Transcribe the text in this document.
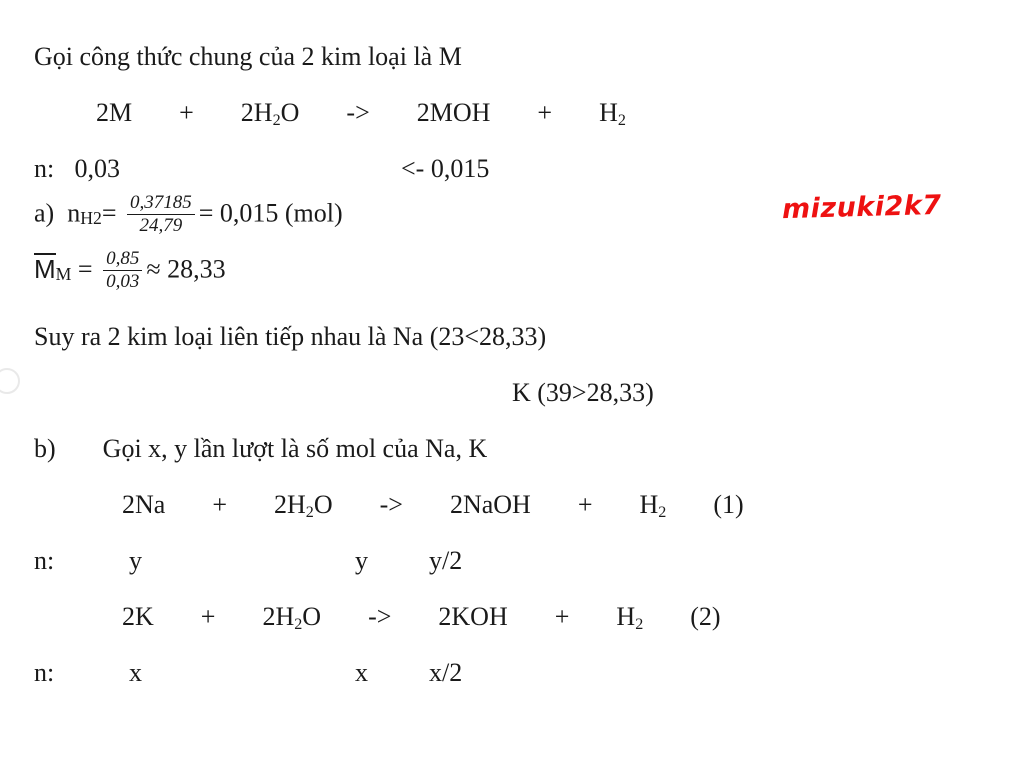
Gọi công thức chung của 2 kim loại là M
$2M + 2H_2O -> 2MOH + H_2$
n: 0,03	<- 0,015
a) $nH2= \frac{0,37185}{24,79} = 0,015$ (mol)
MM = $\frac{0,85}{0,03} \approx 28,33$
Suy ra 2 kim loại liên tiếp nhau là Na (23<28,33)
K (39>28,33)
b) Gọi x, y lần lượt là số mol của Na, K
$2Na + 2H_2O$ -> 2NaOH + $H_2$ (1)
n:	y	y y/2
$2K + 2H_2O -> 2KOH + H_2$ (2)
n:	x	x x/2
mizuki2k7
